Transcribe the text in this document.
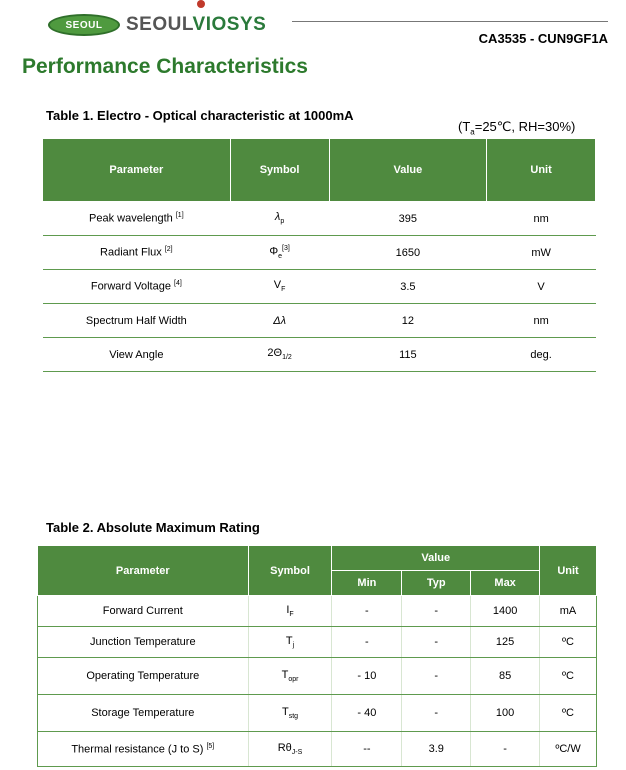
SEOUL	SEOULVIOSYS
CA3535 - CUN9GF1A
Performance Characteristics
Table 1. Electro - Optical characteristic at 1000mA
($T_a=25℃$, RH=30%)
Parameter	Symbol	Value	Unit
Peak wavelength [1]	$\lambda_p$	395	nm
Radiant Flux [2]	$\Phi_e[3]$	1650	mW
Forward Voltage [4]	$V_F$	3.5	V
Spectrum Half Width	Δλ	12	nm
View Angle	$2\Theta_{1/2}$	115	deg.
Table 2. Absolute Maximum Rating
Parameter	Symbol	Value			Unit
		Min	Typ	Max	
Forward Current	$I_F$	-	-	1400	mA
Junction Temperature	$T_j$	-	-	125	ºC
Operating Temperature	$T_{opr}$	- 10	-	85	ºC
Storage Temperature	$T_{stg}$	- 40	-	100	ºC
Thermal resistance (J to S) [5]	$R\theta_{J-S}$	--	3.9	-	ºC/W
